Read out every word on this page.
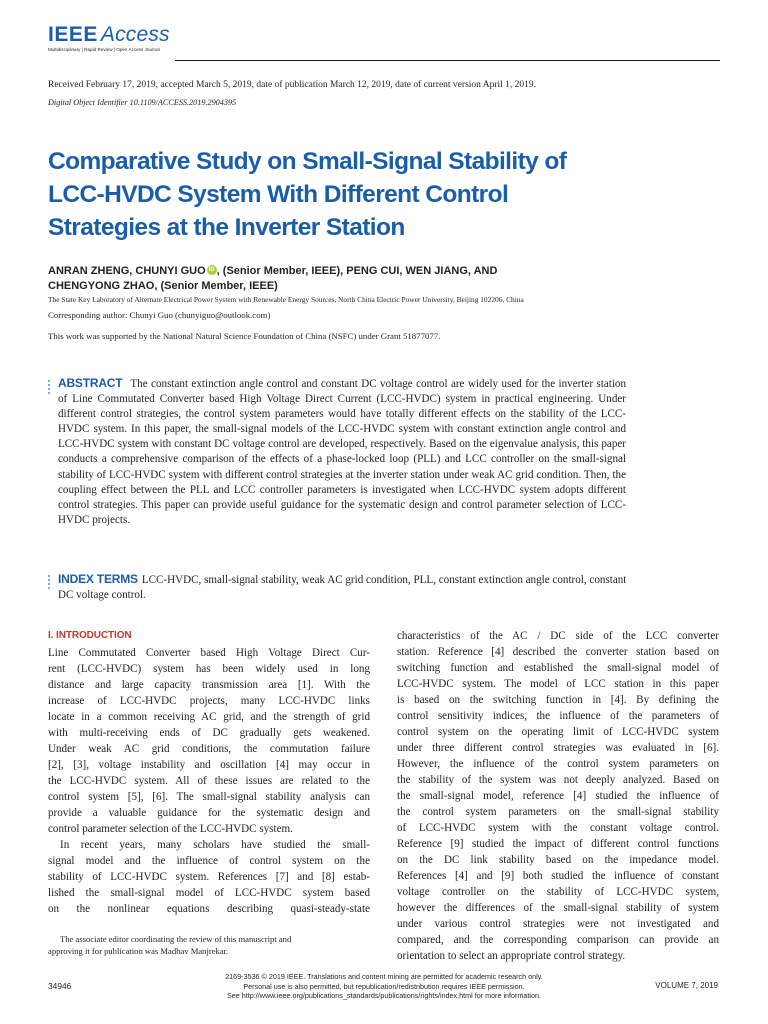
IEEE Access
Multidisciplinary | Rapid Review | Open Access Journal
Received February 17, 2019, accepted March 5, 2019, date of publication March 12, 2019, date of current version April 1, 2019.
Digital Object Identifier 10.1109/ACCESS.2019.2904395
Comparative Study on Small-Signal Stability of
LCC-HVDC System With Different Control
Strategies at the Inverter Station
ANRAN ZHENG, CHUNYI GUO iD , (Senior Member, IEEE), PENG CUI, WEN JIANG, AND
CHENGYONG ZHAO, (Senior Member, IEEE)
The State Key Laboratory of Alternate Electrical Power System with Renewable Energy Sources, North China Electric Power University, Beijing 102206, China
Corresponding author: Chunyi Guo (chunyiguo@outlook.com)
This work was supported by the National Natural Science Foundation of China (NSFC) under Grant 51877077.

ABSTRACT The constant extinction angle control and constant DC voltage control are widely used for the inverter station of Line Commutated Converter based High Voltage Direct Current (LCC-HVDC) system in practical engineering. Under different control strategies, the control system parameters would have totally different effects on the stability of the LCC-HVDC system. In this paper, the small-signal models of the LCC-HVDC system with constant extinction angle control and LCC-HVDC system with constant DC voltage control are developed, respectively. Based on the eigenvalue analysis, this paper conducts a comprehensive comparison of the effects of a phase-locked loop (PLL) and LCC controller on the small-signal stability of LCC-HVDC system with different control strategies at the inverter station under weak AC grid condition. Then, the coupling effect between the PLL and LCC controller parameters is investigated when LCC-HVDC system adopts different control strategies. This paper can provide useful guidance for the systematic design and control parameter selection of LCC-HVDC projects.

INDEX TERMS LCC-HVDC, small-signal stability, weak AC grid condition, PLL, constant extinction angle control, constant DC voltage control.

I. INTRODUCTION
Line Commutated Converter based High Voltage Direct Cur-
rent (LCC-HVDC) system has been widely used in long
distance and large capacity transmission area [1]. With the
increase of LCC-HVDC projects, many LCC-HVDC links
locate in a common receiving AC grid, and the strength of grid
with multi-receiving ends of DC gradually gets weakened.
Under weak AC grid conditions, the commutation failure
[2], [3], voltage instability and oscillation [4] may occur in
the LCC-HVDC system. All of these issues are related to the
control system [5], [6]. The small-signal stability analysis can
provide a valuable guidance for the systematic design and
control parameter selection of the LCC-HVDC system.
In recent years, many scholars have studied the small-
signal model and the influence of control system on the
stability of LCC-HVDC system. References [7] and [8] estab-
lished the small-signal model of LCC-HVDC system based
on the nonlinear equations describing quasi-steady-state
characteristics of the AC / DC side of the LCC converter
station. Reference [4] described the converter station based on
switching function and established the small-signal model of
LCC-HVDC system. The model of LCC station in this paper
is based on the switching function in [4]. By defining the
control sensitivity indices, the influence of the parameters of
control system on the operating limit of LCC-HVDC system
under three different control strategies was evaluated in [6].
However, the influence of the control system parameters on
the stability of the system was not deeply analyzed. Based on
the small-signal model, reference [4] studied the influence of
the control system parameters on the small-signal stability
of LCC-HVDC system with the constant voltage control.
Reference [9] studied the impact of different control functions
on the DC link stability based on the impedance model.
References [4] and [9] both studied the influence of constant
voltage controller on the stability of LCC-HVDC system,
however the differences of the small-signal stability of system
under various control strategies were not investigated and
compared, and the corresponding comparison can provide an
orientation to select an appropriate control strategy.
The associate editor coordinating the review of this manuscript and
approving it for publication was Madhav Manjrekar.
34946
2169-3536 © 2019 IEEE. Translations and content mining are permitted for academic research only.
Personal use is also permitted, but republication/redistribution requires IEEE permission.
See http://www.ieee.org/publications_standards/publications/rights/index.html for more information.
VOLUME 7, 2019
